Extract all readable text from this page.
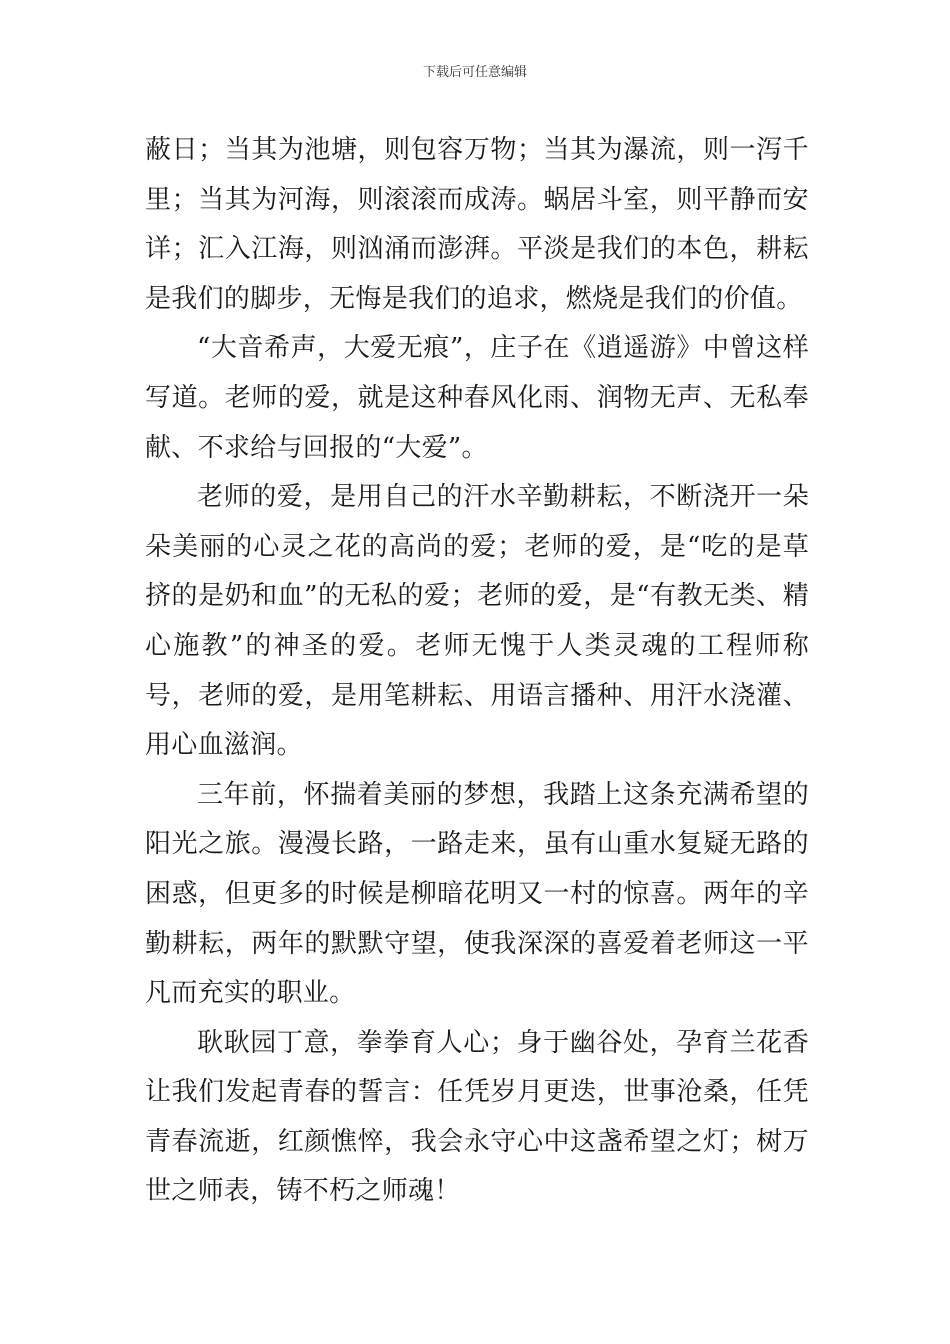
下载后可任意编辑

蔽日；当其为池塘，则包容万物；当其为瀑流，则一泻千里；当其为河海，则滚滚而成涛。蜗居斗室，则平静而安详；汇入江海，则汹涌而澎湃。平淡是我们的本色，耕耘是我们的脚步，无悔是我们的追求，燃烧是我们的价值。

“大音希声，大爱无痕”，庄子在《逍遥游》中曾这样写道。老师的爱，就是这种春风化雨、润物无声、无私奉献、不求给与回报的“大爱”。

老师的爱，是用自己的汗水辛勤耕耘，不断浇开一朵朵美丽的心灵之花的高尚的爱；老师的爱，是“吃的是草挤的是奶和血”的无私的爱；老师的爱，是“有教无类、精心施教”的神圣的爱。老师无愧于人类灵魂的工程师称号，老师的爱，是用笔耕耘、用语言播种、用汗水浇灌、用心血滋润。

三年前，怀揣着美丽的梦想，我踏上这条充满希望的阳光之旅。漫漫长路，一路走来，虽有山重水复疑无路的困惑，但更多的时候是柳暗花明又一村的惊喜。两年的辛勤耕耘，两年的默默守望，使我深深的喜爱着老师这一平凡而充实的职业。

耿耿园丁意，拳拳育人心；身于幽谷处，孕育兰花香让我们发起青春的誓言：任凭岁月更迭，世事沧桑，任凭青春流逝，红颜憔悴，我会永守心中这盏希望之灯；树万世之师表，铸不朽之师魂！
